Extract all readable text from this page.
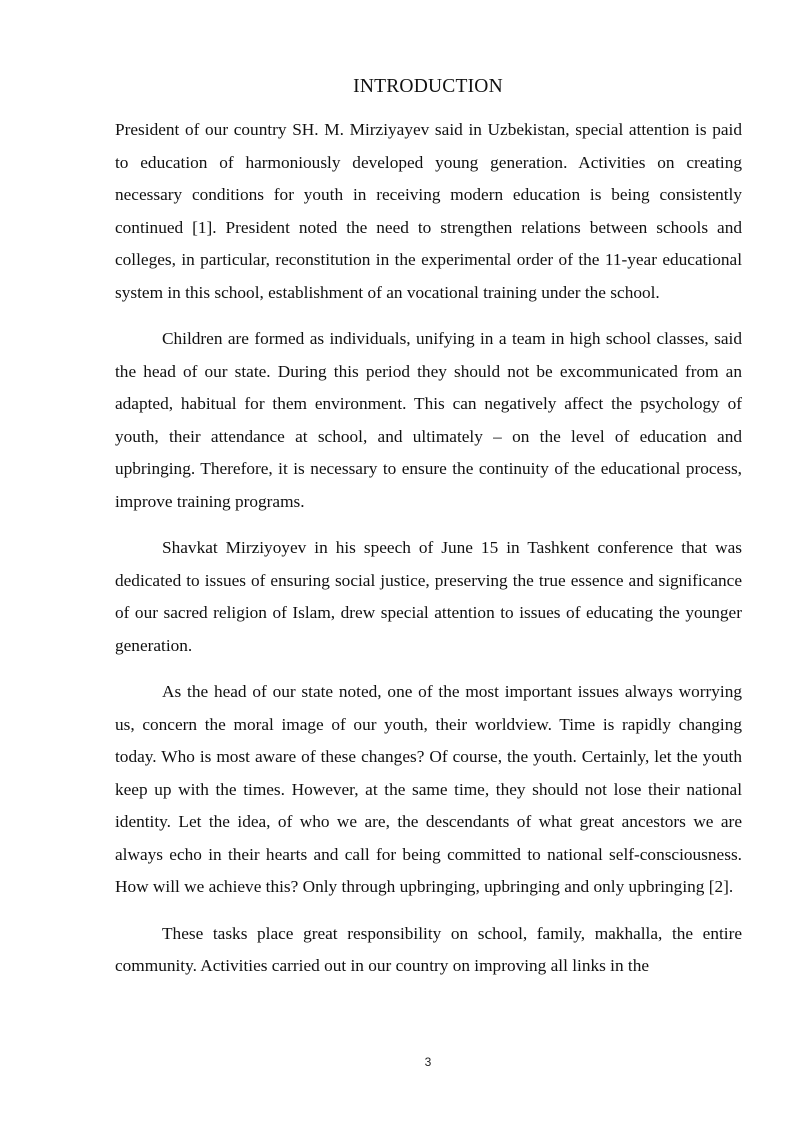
INTRODUCTION

President of our country SH. M. Mirziyayev said in Uzbekistan, special attention is paid to education of harmoniously developed young generation. Activities on creating necessary conditions for youth in receiving modern education is being consistently continued [1]. President noted the need to strengthen relations between schools and colleges, in particular, reconstitution in the experimental order of the 11-year educational system in this school, establishment of an vocational training under the school.

Children are formed as individuals, unifying in a team in high school classes, said the head of our state. During this period they should not be excommunicated from an adapted, habitual for them environment. This can negatively affect the psychology of youth, their attendance at school, and ultimately – on the level of education and upbringing. Therefore, it is necessary to ensure the continuity of the educational process, improve training programs.

Shavkat Mirziyoyev in his speech of June 15 in Tashkent conference that was dedicated to issues of ensuring social justice, preserving the true essence and significance of our sacred religion of Islam, drew special attention to issues of educating the younger generation.

As the head of our state noted, one of the most important issues always worrying us, concern the moral image of our youth, their worldview. Time is rapidly changing today. Who is most aware of these changes? Of course, the youth. Certainly, let the youth keep up with the times. However, at the same time, they should not lose their national identity. Let the idea, of who we are, the descendants of what great ancestors we are always echo in their hearts and call for being committed to national self-consciousness. How will we achieve this? Only through upbringing, upbringing and only upbringing [2].

These tasks place great responsibility on school, family, makhalla, the entire community. Activities carried out in our country on improving all links in the

3
